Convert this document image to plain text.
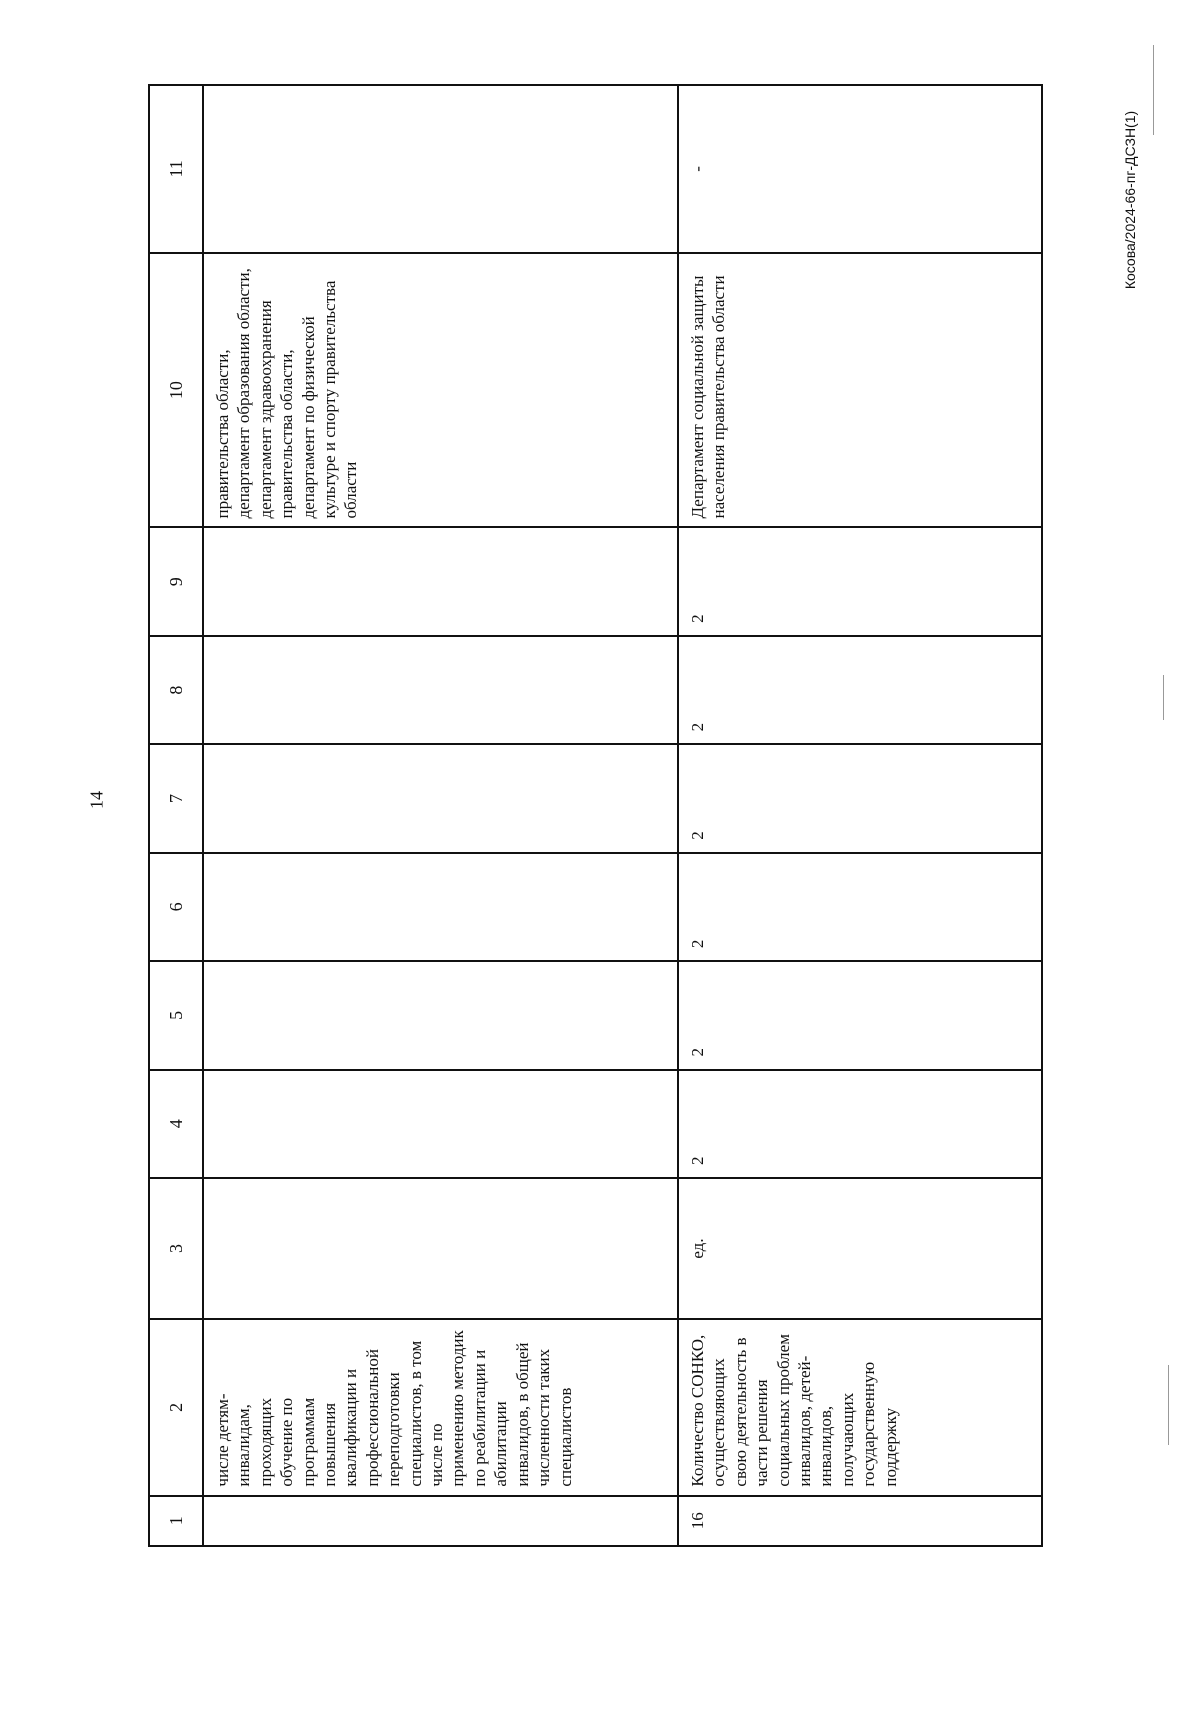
14
Косова/2024-66-пг-ДСЗН(1)
1	2	3	4	5	6	7	8	9	10	11
	числе детям-инвалидам, проходящих обучение по программам повышения квалификации и профессиональной переподготовки специалистов, в том числе по применению методик по реабилитации и абилитации инвалидов, в общей численности таких специалистов								правительства области, департамент образования области, департамент здравоохранения правительства области, департамент по физической культуре и спорту правительства области	
16	Количество СОНКО, осуществляющих свою деятельность в части решения социальных проблем инвалидов, детей-инвалидов, получающих государственную поддержку	ед.	2	2	2	2	2	2	Департамент социальной защиты населения правительства области	-
